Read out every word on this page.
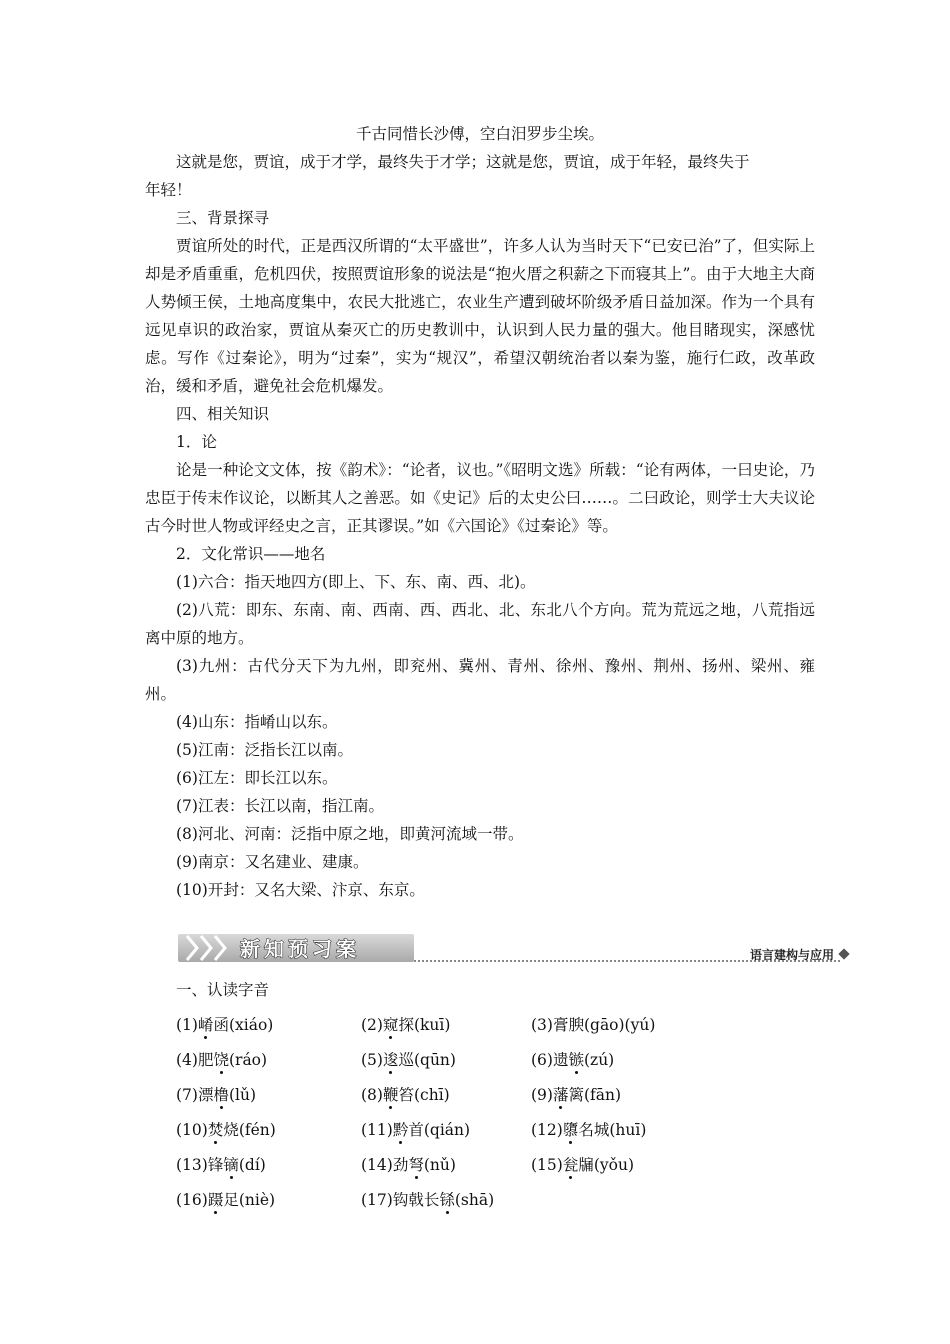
千古同惜长沙傅，空白汨罗步尘埃。
这就是您，贾谊，成于才学，最终失于才学；这就是您，贾谊，成于年轻，最终失于
年轻！
三、背景探寻
贾谊所处的时代，正是西汉所谓的“太平盛世”，许多人认为当时天下“已安已治”了，但实际上却是矛盾重重，危机四伏，按照贾谊形象的说法是“抱火厝之积薪之下而寝其上”。由于大地主大商人势倾王侯，土地高度集中，农民大批逃亡，农业生产遭到破坏阶级矛盾日益加深。作为一个具有远见卓识的政治家，贾谊从秦灭亡的历史教训中，认识到人民力量的强大。他目睹现实，深感忧虑。写作《过秦论》，明为“过秦”，实为“规汉”，希望汉朝统治者以秦为鉴，施行仁政，改革政治，缓和矛盾，避免社会危机爆发。
四、相关知识
1．论
论是一种论文文体，按《韵术》：“论者，议也。”《昭明文选》所载：“论有两体，一曰史论，乃忠臣于传末作议论，以断其人之善恶。如《史记》后的太史公曰……。二曰政论，则学士大夫议论古今时世人物或评经史之言，正其谬误。”如《六国论》《过秦论》等。
2．文化常识——地名
(1)六合：指天地四方(即上、下、东、南、西、北)。
(2)八荒：即东、东南、南、西南、西、西北、北、东北八个方向。荒为荒远之地，八荒指远离中原的地方。
(3)九州：古代分天下为九州，即兖州、冀州、青州、徐州、豫州、荆州、扬州、梁州、雍州。
(4)山东：指崤山以东。
(5)江南：泛指长江以南。
(6)江左：即长江以东。
(7)江表：长江以南，指江南。
(8)河北、河南：泛指中原之地，即黄河流域一带。
(9)南京：又名建业、建康。
(10)开封：又名大梁、汴京、东京。
新知预习案	语言建构与应用
一、认读字音
(1)崤函(xiáo)	(2)窥探(kuī)	(3)膏腴(gāo)(yú)
(4)肥饶(ráo)	(5)逡巡(qūn)	(6)遗镞(zú)
(7)漂橹(lǔ)	(8)鞭笞(chī)	(9)藩篱(fān)
(10)焚烧(fén)	(11)黔首(qián)	(12)隳名城(huī)
(13)锋镝(dí)	(14)劲弩(nǔ)	(15)瓮牖(yǒu)
(16)蹑足(niè)	(17)钩戟长铩(shā)
